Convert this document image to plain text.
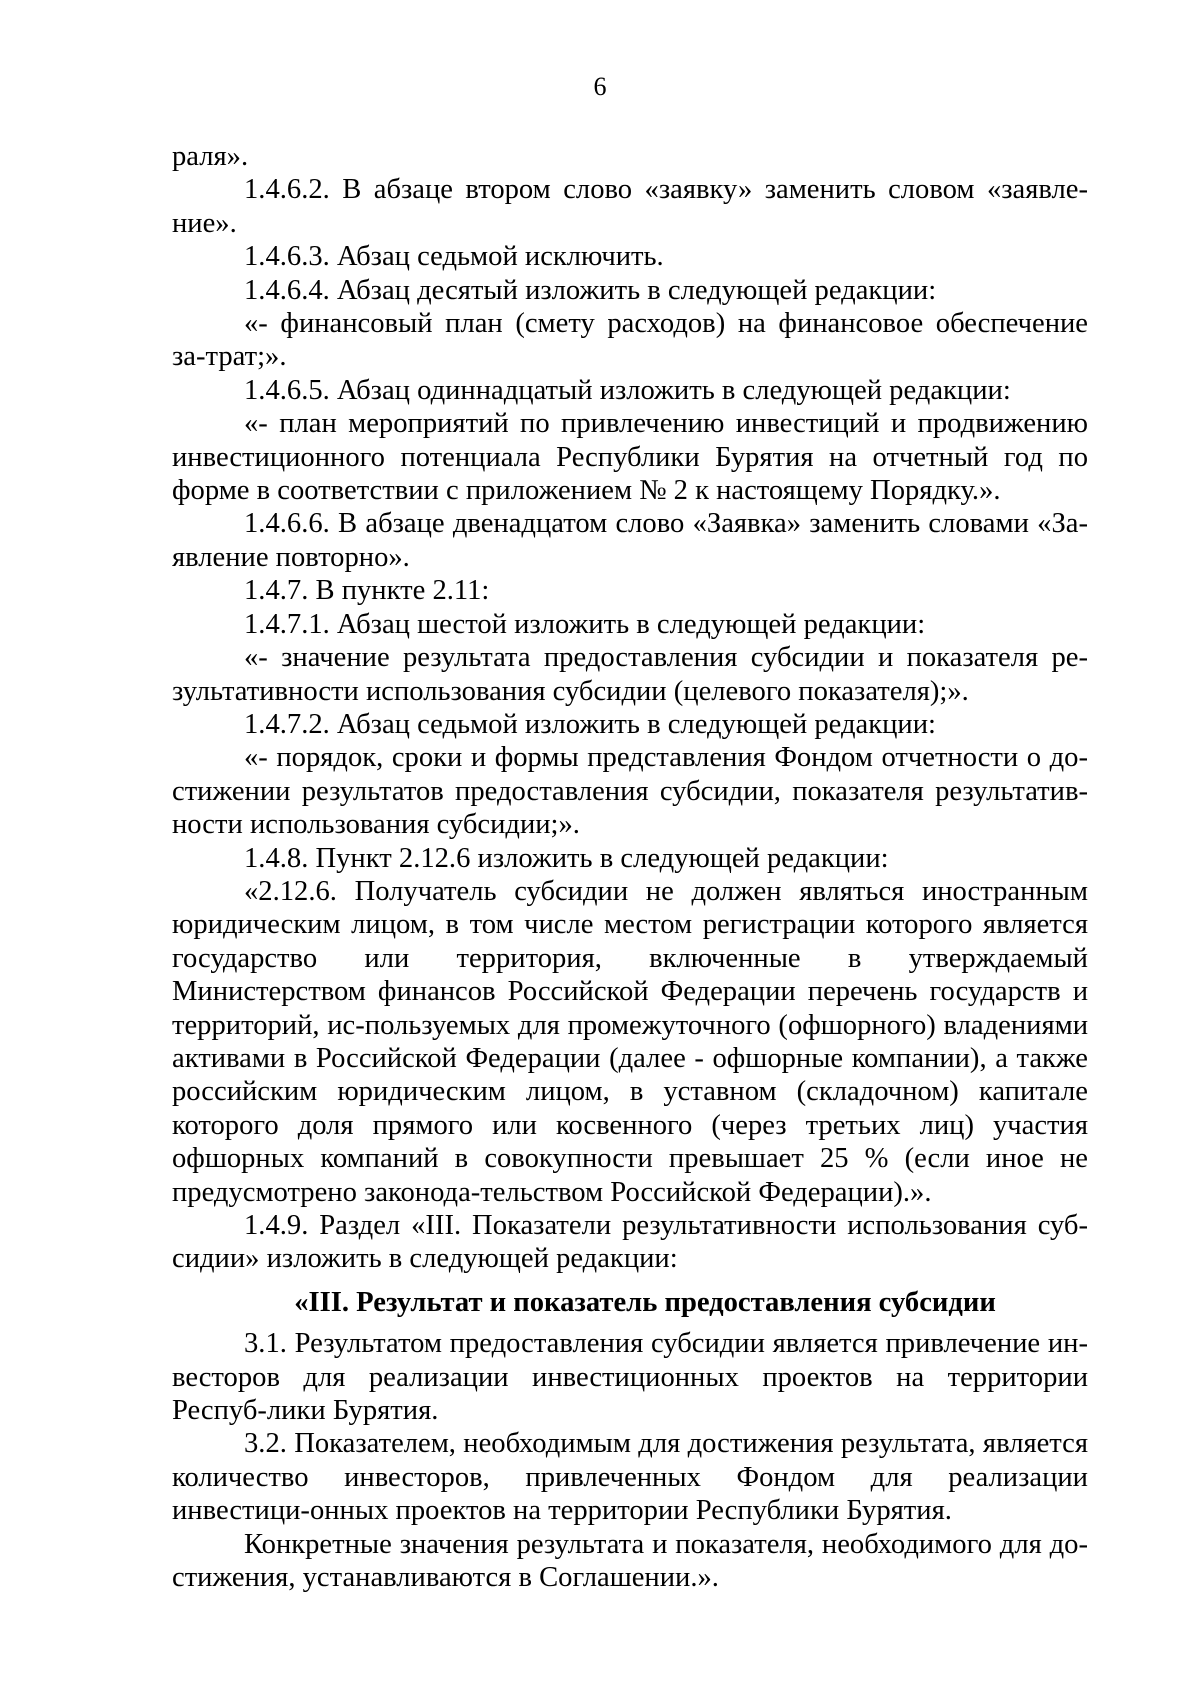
6

раля».

1.4.6.2. В абзаце втором слово «заявку» заменить словом «заявле-ние».

1.4.6.3. Абзац седьмой исключить.

1.4.6.4. Абзац десятый изложить в следующей редакции:

«- финансовый план (смету расходов) на финансовое обеспечение за-трат;».

1.4.6.5. Абзац одиннадцатый изложить в следующей редакции:

«- план мероприятий по привлечению инвестиций и продвижению инвестиционного потенциала Республики Бурятия на отчетный год по форме в соответствии с приложением № 2 к настоящему Порядку.».

1.4.6.6. В абзаце двенадцатом слово «Заявка» заменить словами «За-явление повторно».

1.4.7. В пункте 2.11:

1.4.7.1. Абзац шестой изложить в следующей редакции:

«- значение результата предоставления субсидии и показателя ре-зультативности использования субсидии (целевого показателя);».

1.4.7.2. Абзац седьмой изложить в следующей редакции:

«- порядок, сроки и формы представления Фондом отчетности о до-стижении результатов предоставления субсидии, показателя результатив-ности использования субсидии;».

1.4.8. Пункт 2.12.6 изложить в следующей редакции:

«2.12.6. Получатель субсидии не должен являться иностранным юридическим лицом, в том числе местом регистрации которого является государство или территория, включенные в утверждаемый Министерством финансов Российской Федерации перечень государств и территорий, ис-пользуемых для промежуточного (офшорного) владениями активами в Российской Федерации (далее - офшорные компании), а также российским юридическим лицом, в уставном (складочном) капитале которого доля прямого или косвенного (через третьих лиц) участия офшорных компаний в совокупности превышает 25 % (если иное не предусмотрено законода-тельством Российской Федерации).».

1.4.9. Раздел «III. Показатели результативности использования суб-сидии» изложить в следующей редакции:

«III. Результат и показатель предоставления субсидии

3.1. Результатом предоставления субсидии является привлечение ин-весторов для реализации инвестиционных проектов на территории Респуб-лики Бурятия.

3.2. Показателем, необходимым для достижения результата, является количество инвесторов, привлеченных Фондом для реализации инвестици-онных проектов на территории Республики Бурятия.

Конкретные значения результата и показателя, необходимого для до-стижения, устанавливаются в Соглашении.».
